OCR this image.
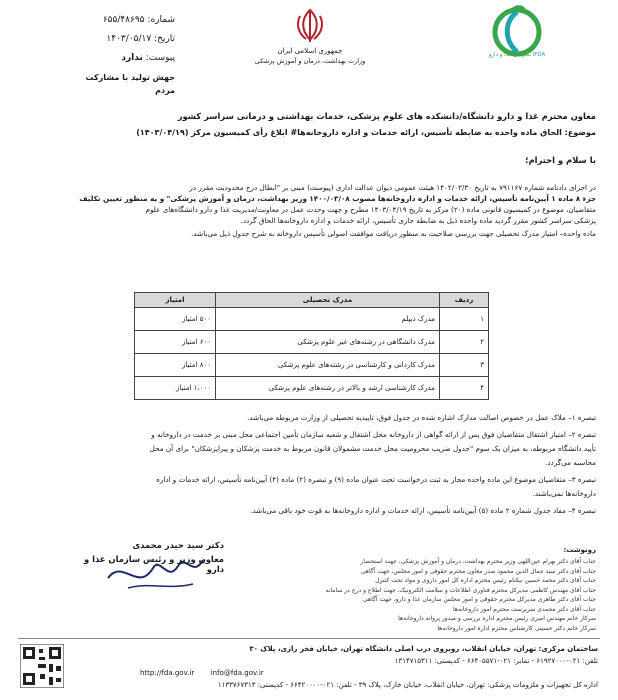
شماره: ۶۵۵/۴۸۶۹۵
تاریخ: ۱۴۰۳/۰۵/۱۷
پیوست: ندارد
جهش تولید با مشارکت مردم
جمهوری اسلامی ایران
وزارت بهداشت، درمان و آموزش پزشکی
سازمان غذا و دارو IFDA
معاون محترم غذا و دارو دانشگاه/دانشکده های علوم پزشکی، خدمات بهداشتی و درمانی سراسر کشور
موضوع: الحاق ماده واحده به ضابطه تأسیس، ارائه خدمات و اداره داروخانه‌ها# ابلاغ رأی کمیسیون مرکز (۱۴۰۳/۰۴/۱۹)
با سلام و احترام؛
در اجرای دادنامه شماره ۷۹۱۱۶۷ به تاریخ ۱۴۰۲/۰۳/۳۰ هیئت عمومی دیوان عدالت اداری (پیوست) مبنی بر "ابطال درج محدودیت مقرر در
جزء ۸ ماده ۱ آیین‌نامه تأسیس، ارائه خدمات و اداره داروخانه‌ها مصوب ۱۴۰۰/۰۳/۰۸ وزیر بهداشت، درمان و آموزش پزشکی" و به منظور تعیین تکلیف
متقاضیان، موضوع در کمیسیون قانونی ماده (۲۰) مرکز به تاریخ ۱۴۰۳/۰۴/۱۹ مطرح و جهت وحدت عمل در معاونت/مدیریت غذا و دارو دانشگاه‌های علوم
پزشکی سراسر کشور مقرر گردید ماده واحده ذیل به ضابطه جاری تأسیس، ارائه خدمات و اداره داروخانه‌ها الحاق گردد.
ماده واحده– امتیاز مدرک تحصیلی جهت بررسی صلاحیت به منظور دریافت موافقت اصولی تأسیس داروخانه به شرح جدول ذیل می‌باشد.
ردیف	مدرک تحصیلی	امتیاز
۱	مدرک دیپلم	۵۰۰ امتیاز
۲	مدرک دانشگاهی در رشته‌های غیر علوم پزشکی	۶۰۰ امتیاز
۳	مدرک کاردانی و کارشناسی در رشته‌های علوم پزشکی	۸۰۰ امتیاز
۴	مدرک کارشناسی ارشد و بالاتر در رشته‌های علوم پزشکی	۱،۰۰۰ امتیاز
تبصره ۱– ملاک عمل در خصوص اصالت مدارک اشاره شده در جدول فوق، تاییدیه تحصیلی از وزارت مربوطه می‌باشد.
تبصره ۲– امتیاز اشتغال متقاضیان فوق پس از ارائه گواهی از داروخانه محل اشتغال و شعبه سازمان تأمین اجتماعی محل مبنی بر خدمت در داروخانه و
تأیید دانشگاه مربوطه، به میزان یک سوم "جدول ضریب محرومیت محل خدمت مشمولان قانون مربوط به خدمت پزشکان و پیراپزشکان" برای آن محل
محاسبه می‌گردد.
تبصره ۳– متقاضیان موضوع این ماده واحده مجاز به ثبت درخواست تحت عنوان ماده (۹) و تبصره (۲) ماده (۴) آیین‌نامه تأسیس، ارائه خدمات و اداره
داروخانه‌ها نمی‌باشند.
تبصره ۴– مفاد جدول شماره ۲ ماده (۵) آیین‌نامه تأسیس، ارائه خدمات و اداره داروخانه‌ها به قوت خود باقی می‌باشد.
دکتر سید حیدر محمدی
معاون وزیر و رئیس سازمان غذا و دارو
رونوشت:
جناب آقای دکتر بهرام عین‌اللهی وزیر محترم بهداشت، درمان و آموزش پزشکی، جهت استحضار
جناب آقای دکتر سید جمال الدین محمود صدر معاون محترم حقوقی و امور مجلس، جهت آگاهی
جناب آقای دکتر محمد حسین نیکنام رئیس محترم اداره کل امور داروی و مواد تحت کنترل
جناب آقای مهندس کاظمی مدیرکل محترم فناوری اطلاعات و سلامت الکترونیک، جهت اطلاع و درج در سامانه
جناب آقای دکتر طاهری مدیرکل محترم حقوقی و امور مجلس سازمان غذا و دارو، جهت آگاهی
جناب آقای دکتر محمدی سرپرست محترم امور داروخانه‌ها
سرکار خانم مهندس امیری رئیس محترم اداره بررسی و صدور پروانه داروخانه‌ها
سرکار خانم دکتر حسینی کارشناس محترم اداره امور داروخانه‌ها
ساختمان مرکزی: تهران، خیابان انقلاب، روبروی درب اصلی دانشگاه تهران، خیابان فخر رازی، پلاک ۳۰
تلفن: ۰۲۱-۶۱۹۲۷۰۰۰ - نمابر: ۰۲۱-۶۶۴۰۵۵۷۱ - کدپستی: ۱۳۱۴۷۱۵۳۱۱
http://fda.gov.ir info@fda.gov.ir
اداره کل تجهیزات و ملزومات پزشکی: تهران، خیابان انقلاب، خیابان خارک، پلاک ۳۹ - تلفن: ۰۲۱-۶۶۴۲۰۰۰۰ - کدپستی: ۱۱۳۳۷۶۷۳۱۳
